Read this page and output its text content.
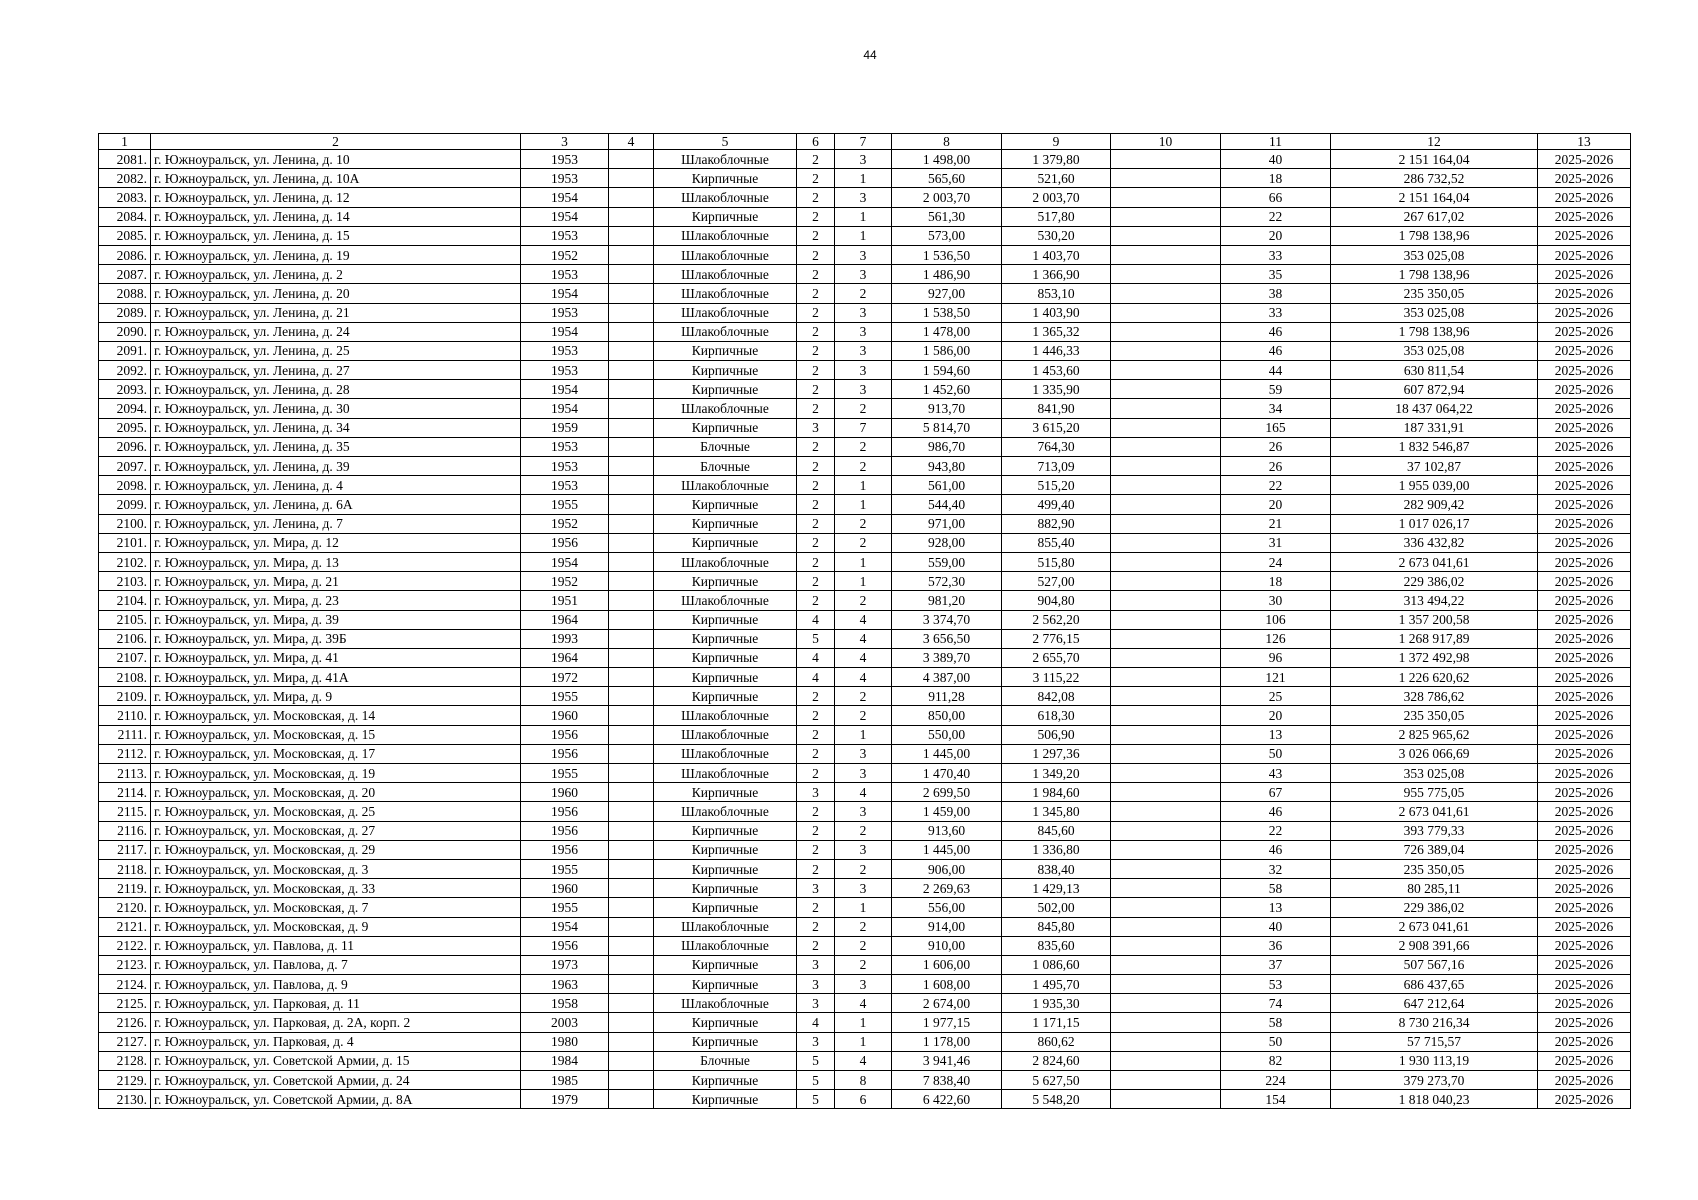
44
1	2	3	4	5	6	7	8	9	10	11	12	13
2081.	г. Южноуральск, ул. Ленина, д. 10	1953		Шлакоблочные	2	3	1 498,00	1 379,80		40	2 151 164,04	2025-2026
2082.	г. Южноуральск, ул. Ленина, д. 10А	1953		Кирпичные	2	1	565,60	521,60		18	286 732,52	2025-2026
2083.	г. Южноуральск, ул. Ленина, д. 12	1954		Шлакоблочные	2	3	2 003,70	2 003,70		66	2 151 164,04	2025-2026
2084.	г. Южноуральск, ул. Ленина, д. 14	1954		Кирпичные	2	1	561,30	517,80		22	267 617,02	2025-2026
2085.	г. Южноуральск, ул. Ленина, д. 15	1953		Шлакоблочные	2	1	573,00	530,20		20	1 798 138,96	2025-2026
2086.	г. Южноуральск, ул. Ленина, д. 19	1952		Шлакоблочные	2	3	1 536,50	1 403,70		33	353 025,08	2025-2026
2087.	г. Южноуральск, ул. Ленина, д. 2	1953		Шлакоблочные	2	3	1 486,90	1 366,90		35	1 798 138,96	2025-2026
2088.	г. Южноуральск, ул. Ленина, д. 20	1954		Шлакоблочные	2	2	927,00	853,10		38	235 350,05	2025-2026
2089.	г. Южноуральск, ул. Ленина, д. 21	1953		Шлакоблочные	2	3	1 538,50	1 403,90		33	353 025,08	2025-2026
2090.	г. Южноуральск, ул. Ленина, д. 24	1954		Шлакоблочные	2	3	1 478,00	1 365,32		46	1 798 138,96	2025-2026
2091.	г. Южноуральск, ул. Ленина, д. 25	1953		Кирпичные	2	3	1 586,00	1 446,33		46	353 025,08	2025-2026
2092.	г. Южноуральск, ул. Ленина, д. 27	1953		Кирпичные	2	3	1 594,60	1 453,60		44	630 811,54	2025-2026
2093.	г. Южноуральск, ул. Ленина, д. 28	1954		Кирпичные	2	3	1 452,60	1 335,90		59	607 872,94	2025-2026
2094.	г. Южноуральск, ул. Ленина, д. 30	1954		Шлакоблочные	2	2	913,70	841,90		34	18 437 064,22	2025-2026
2095.	г. Южноуральск, ул. Ленина, д. 34	1959		Кирпичные	3	7	5 814,70	3 615,20		165	187 331,91	2025-2026
2096.	г. Южноуральск, ул. Ленина, д. 35	1953		Блочные	2	2	986,70	764,30		26	1 832 546,87	2025-2026
2097.	г. Южноуральск, ул. Ленина, д. 39	1953		Блочные	2	2	943,80	713,09		26	37 102,87	2025-2026
2098.	г. Южноуральск, ул. Ленина, д. 4	1953		Шлакоблочные	2	1	561,00	515,20		22	1 955 039,00	2025-2026
2099.	г. Южноуральск, ул. Ленина, д. 6А	1955		Кирпичные	2	1	544,40	499,40		20	282 909,42	2025-2026
2100.	г. Южноуральск, ул. Ленина, д. 7	1952		Кирпичные	2	2	971,00	882,90		21	1 017 026,17	2025-2026
2101.	г. Южноуральск, ул. Мира, д. 12	1956		Кирпичные	2	2	928,00	855,40		31	336 432,82	2025-2026
2102.	г. Южноуральск, ул. Мира, д. 13	1954		Шлакоблочные	2	1	559,00	515,80		24	2 673 041,61	2025-2026
2103.	г. Южноуральск, ул. Мира, д. 21	1952		Кирпичные	2	1	572,30	527,00		18	229 386,02	2025-2026
2104.	г. Южноуральск, ул. Мира, д. 23	1951		Шлакоблочные	2	2	981,20	904,80		30	313 494,22	2025-2026
2105.	г. Южноуральск, ул. Мира, д. 39	1964		Кирпичные	4	4	3 374,70	2 562,20		106	1 357 200,58	2025-2026
2106.	г. Южноуральск, ул. Мира, д. 39Б	1993		Кирпичные	5	4	3 656,50	2 776,15		126	1 268 917,89	2025-2026
2107.	г. Южноуральск, ул. Мира, д. 41	1964		Кирпичные	4	4	3 389,70	2 655,70		96	1 372 492,98	2025-2026
2108.	г. Южноуральск, ул. Мира, д. 41А	1972		Кирпичные	4	4	4 387,00	3 115,22		121	1 226 620,62	2025-2026
2109.	г. Южноуральск, ул. Мира, д. 9	1955		Кирпичные	2	2	911,28	842,08		25	328 786,62	2025-2026
2110.	г. Южноуральск, ул. Московская, д. 14	1960		Шлакоблочные	2	2	850,00	618,30		20	235 350,05	2025-2026
2111.	г. Южноуральск, ул. Московская, д. 15	1956		Шлакоблочные	2	1	550,00	506,90		13	2 825 965,62	2025-2026
2112.	г. Южноуральск, ул. Московская, д. 17	1956		Шлакоблочные	2	3	1 445,00	1 297,36		50	3 026 066,69	2025-2026
2113.	г. Южноуральск, ул. Московская, д. 19	1955		Шлакоблочные	2	3	1 470,40	1 349,20		43	353 025,08	2025-2026
2114.	г. Южноуральск, ул. Московская, д. 20	1960		Кирпичные	3	4	2 699,50	1 984,60		67	955 775,05	2025-2026
2115.	г. Южноуральск, ул. Московская, д. 25	1956		Шлакоблочные	2	3	1 459,00	1 345,80		46	2 673 041,61	2025-2026
2116.	г. Южноуральск, ул. Московская, д. 27	1956		Кирпичные	2	2	913,60	845,60		22	393 779,33	2025-2026
2117.	г. Южноуральск, ул. Московская, д. 29	1956		Кирпичные	2	3	1 445,00	1 336,80		46	726 389,04	2025-2026
2118.	г. Южноуральск, ул. Московская, д. 3	1955		Кирпичные	2	2	906,00	838,40		32	235 350,05	2025-2026
2119.	г. Южноуральск, ул. Московская, д. 33	1960		Кирпичные	3	3	2 269,63	1 429,13		58	80 285,11	2025-2026
2120.	г. Южноуральск, ул. Московская, д. 7	1955		Кирпичные	2	1	556,00	502,00		13	229 386,02	2025-2026
2121.	г. Южноуральск, ул. Московская, д. 9	1954		Шлакоблочные	2	2	914,00	845,80		40	2 673 041,61	2025-2026
2122.	г. Южноуральск, ул. Павлова, д. 11	1956		Шлакоблочные	2	2	910,00	835,60		36	2 908 391,66	2025-2026
2123.	г. Южноуральск, ул. Павлова, д. 7	1973		Кирпичные	3	2	1 606,00	1 086,60		37	507 567,16	2025-2026
2124.	г. Южноуральск, ул. Павлова, д. 9	1963		Кирпичные	3	3	1 608,00	1 495,70		53	686 437,65	2025-2026
2125.	г. Южноуральск, ул. Парковая, д. 11	1958		Шлакоблочные	3	4	2 674,00	1 935,30		74	647 212,64	2025-2026
2126.	г. Южноуральск, ул. Парковая, д. 2А, корп. 2	2003		Кирпичные	4	1	1 977,15	1 171,15		58	8 730 216,34	2025-2026
2127.	г. Южноуральск, ул. Парковая, д. 4	1980		Кирпичные	3	1	1 178,00	860,62		50	57 715,57	2025-2026
2128.	г. Южноуральск, ул. Советской Армии, д. 15	1984		Блочные	5	4	3 941,46	2 824,60		82	1 930 113,19	2025-2026
2129.	г. Южноуральск, ул. Советской Армии, д. 24	1985		Кирпичные	5	8	7 838,40	5 627,50		224	379 273,70	2025-2026
2130.	г. Южноуральск, ул. Советской Армии, д. 8А	1979		Кирпичные	5	6	6 422,60	5 548,20		154	1 818 040,23	2025-2026
